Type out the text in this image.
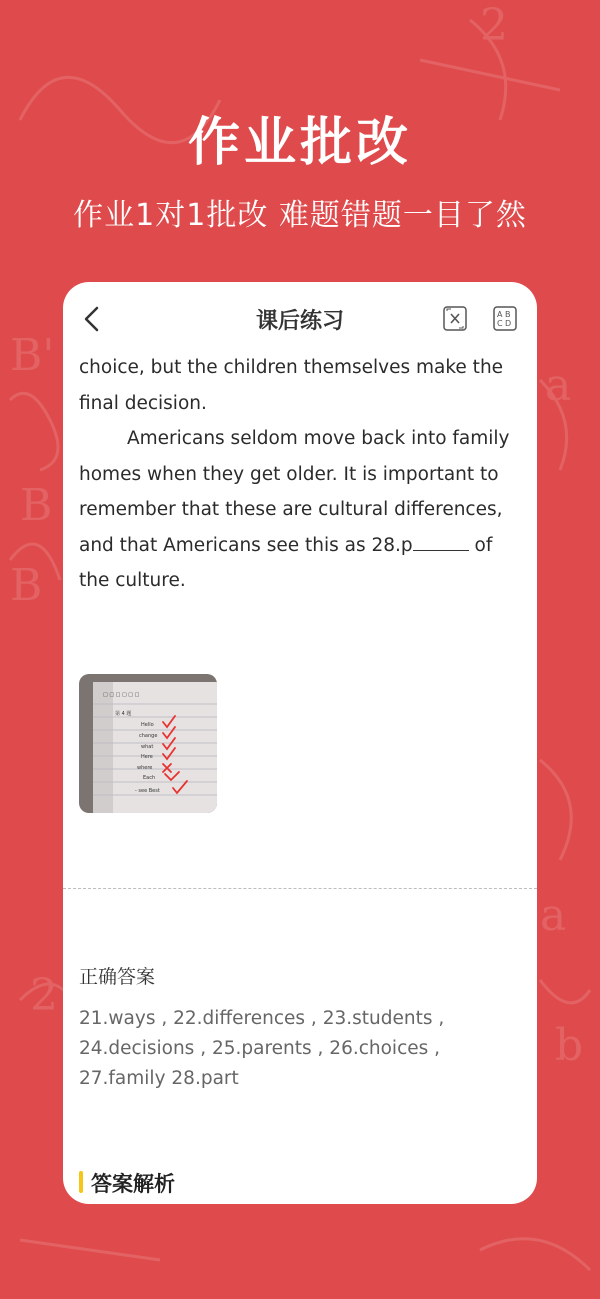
B'
B
B
a
a
2
b
2
作业批改
作业1对1批改 难题错题一目了然
课后练习	A B
C D

choice, but the children themselves make the final decision.

Americans seldom move back into family homes when they get older. It is important to remember that these are cultural differences, and that Americans see this as 28.p	of the culture.

□ □ □ □ □ □
第 4 题
Hello
change
what
Here
where
Each
- see Best
正确答案
21.ways , 22.differences , 23.students , 24.decisions , 25.parents , 26.choices , 27.family 28.part
答案解析
